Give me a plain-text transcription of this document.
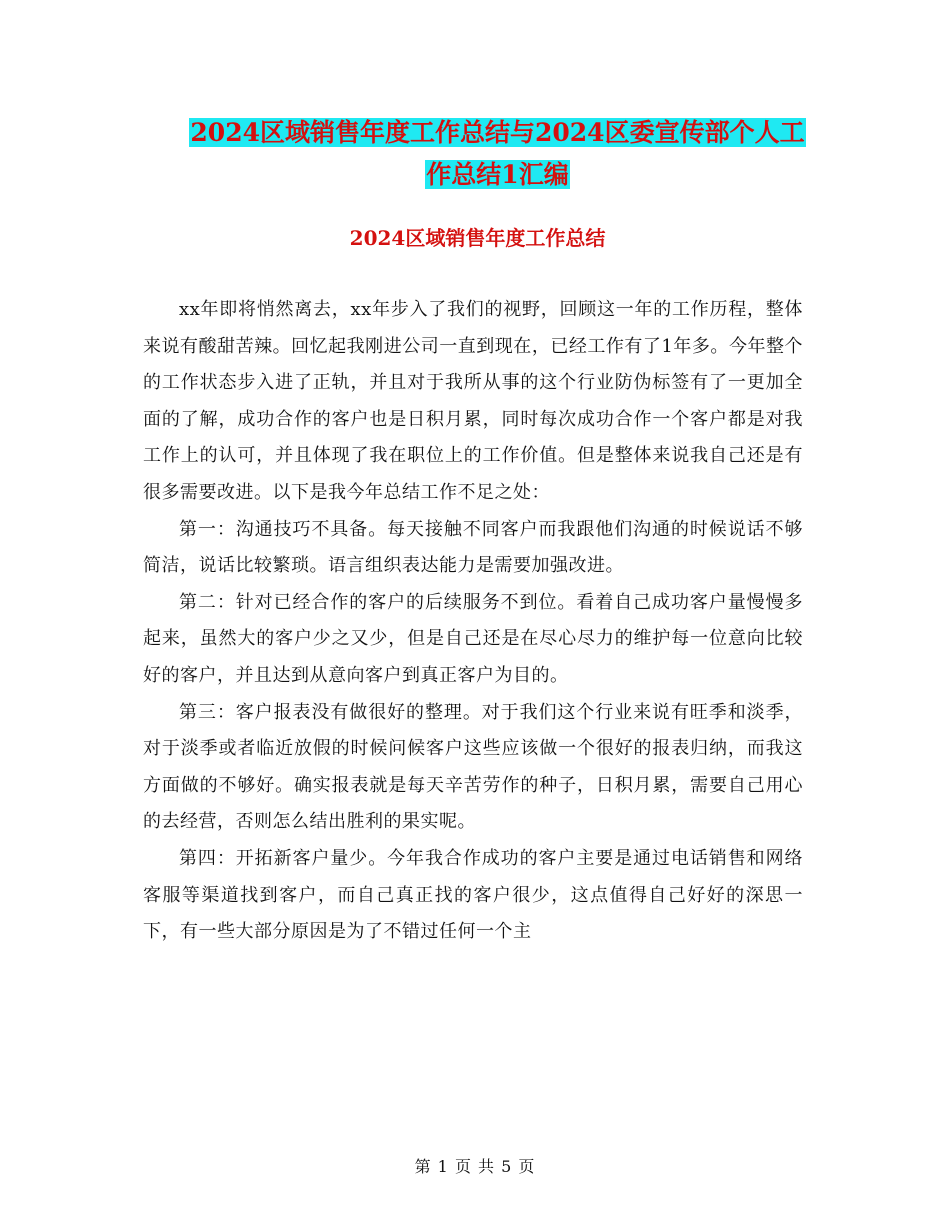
2024区域销售年度工作总结与2024区委宣传部个人工
作总结1汇编
2024区域销售年度工作总结

xx年即将悄然离去，xx年步入了我们的视野，回顾这一年的工作历程，整体来说有酸甜苦辣。回忆起我刚进公司一直到现在，已经工作有了1年多。今年整个的工作状态步入进了正轨，并且对于我所从事的这个行业防伪标签有了一更加全面的了解，成功合作的客户也是日积月累，同时每次成功合作一个客户都是对我工作上的认可，并且体现了我在职位上的工作价值。但是整体来说我自己还是有很多需要改进。以下是我今年总结工作不足之处：

第一：沟通技巧不具备。每天接触不同客户而我跟他们沟通的时候说话不够简洁，说话比较繁琐。语言组织表达能力是需要加强改进。

第二：针对已经合作的客户的后续服务不到位。看着自己成功客户量慢慢多起来，虽然大的客户少之又少，但是自己还是在尽心尽力的维护每一位意向比较好的客户，并且达到从意向客户到真正客户为目的。

第三：客户报表没有做很好的整理。对于我们这个行业来说有旺季和淡季，对于淡季或者临近放假的时候问候客户这些应该做一个很好的报表归纳，而我这方面做的不够好。确实报表就是每天辛苦劳作的种子，日积月累，需要自己用心的去经营，否则怎么结出胜利的果实呢。

第四：开拓新客户量少。今年我合作成功的客户主要是通过电话销售和网络客服等渠道找到客户，而自己真正找的客户很少，这点值得自己好好的深思一下，有一些大部分原因是为了不错过任何一个主

第 1 页 共 5 页
